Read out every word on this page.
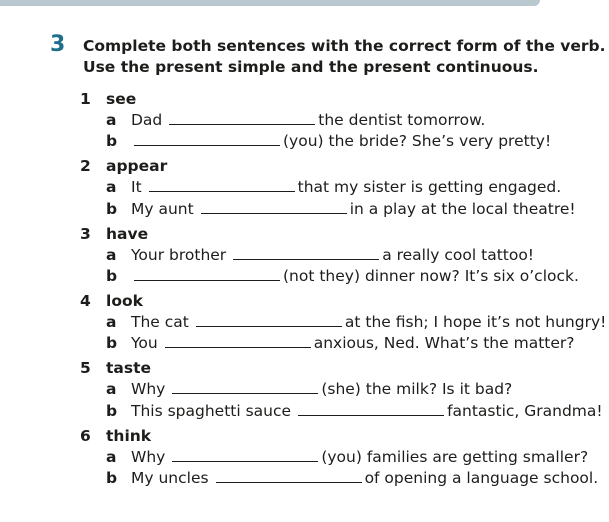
3 Complete both sentences with the correct form of the verb.
Use the present simple and the present continuous.
1 see
a Dad	the dentist tomorrow.
b	(you) the bride? She’s very pretty!
2 appear
a It	that my sister is getting engaged.
b My aunt	in a play at the local theatre!
3 have
a Your brother	a really cool tattoo!
b	(not they) dinner now? It’s six o’clock.
4 look
a The cat	at the fish; I hope it’s not hungry!
b You	anxious, Ned. What’s the matter?
5 taste
a Why	(she) the milk? Is it bad?
b This spaghetti sauce	fantastic, Grandma!
6 think
a Why	(you) families are getting smaller?
b My uncles	of opening a language school.
